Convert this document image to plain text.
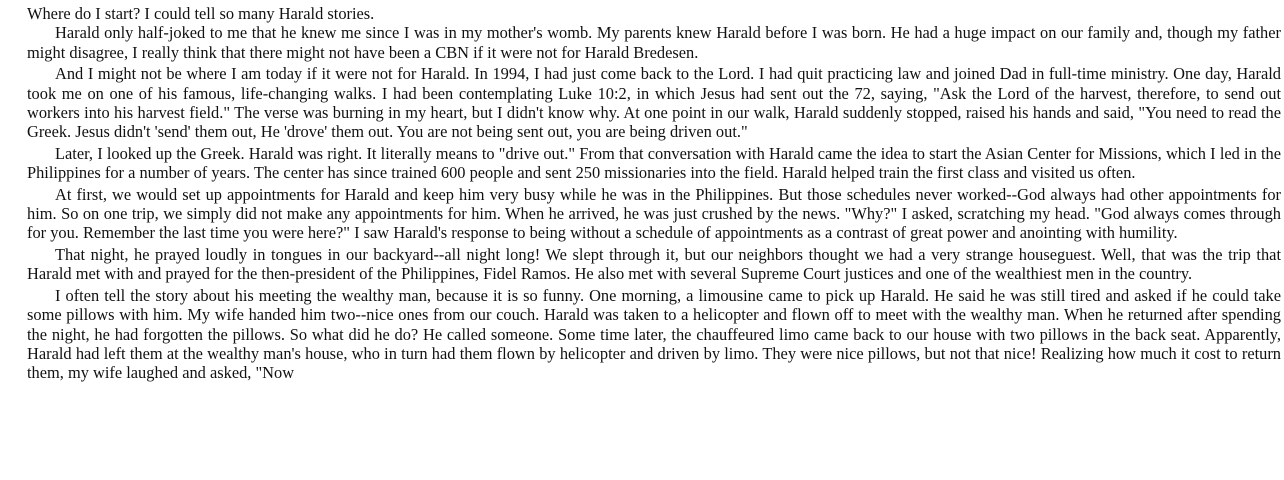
Where do I start? I could tell so many Harald stories.

Harald only half-joked to me that he knew me since I was in my mother's womb. My parents knew Harald before I was born. He had a huge impact on our family and, though my father might disagree, I really think that there might not have been a CBN if it were not for Harald Bredesen.

And I might not be where I am today if it were not for Harald. In 1994, I had just come back to the Lord. I had quit practicing law and joined Dad in full-time ministry. One day, Harald took me on one of his famous, life-changing walks. I had been contemplating Luke 10:2, in which Jesus had sent out the 72, saying, "Ask the Lord of the harvest, therefore, to send out workers into his harvest field." The verse was burning in my heart, but I didn't know why. At one point in our walk, Harald suddenly stopped, raised his hands and said, "You need to read the Greek. Jesus didn't 'send' them out, He 'drove' them out. You are not being sent out, you are being driven out."

Later, I looked up the Greek. Harald was right. It literally means to "drive out." From that conversation with Harald came the idea to start the Asian Center for Missions, which I led in the Philippines for a number of years. The center has since trained 600 people and sent 250 missionaries into the field. Harald helped train the first class and visited us often.

At first, we would set up appointments for Harald and keep him very busy while he was in the Philippines. But those schedules never worked--God always had other appointments for him. So on one trip, we simply did not make any appointments for him. When he arrived, he was just crushed by the news. "Why?" I asked, scratching my head. "God always comes through for you. Remember the last time you were here?" I saw Harald's response to being without a schedule of appointments as a contrast of great power and anointing with humility.

That night, he prayed loudly in tongues in our backyard--all night long! We slept through it, but our neighbors thought we had a very strange houseguest. Well, that was the trip that Harald met with and prayed for the then-president of the Philippines, Fidel Ramos. He also met with several Supreme Court justices and one of the wealthiest men in the country.

I often tell the story about his meeting the wealthy man, because it is so funny. One morning, a limousine came to pick up Harald. He said he was still tired and asked if he could take some pillows with him. My wife handed him two--nice ones from our couch. Harald was taken to a helicopter and flown off to meet with the wealthy man. When he returned after spending the night, he had forgotten the pillows. So what did he do? He called someone. Some time later, the chauffeured limo came back to our house with two pillows in the back seat. Apparently, Harald had left them at the wealthy man's house, who in turn had them flown by helicopter and driven by limo. They were nice pillows, but not that nice! Realizing how much it cost to return them, my wife laughed and asked, "Now
